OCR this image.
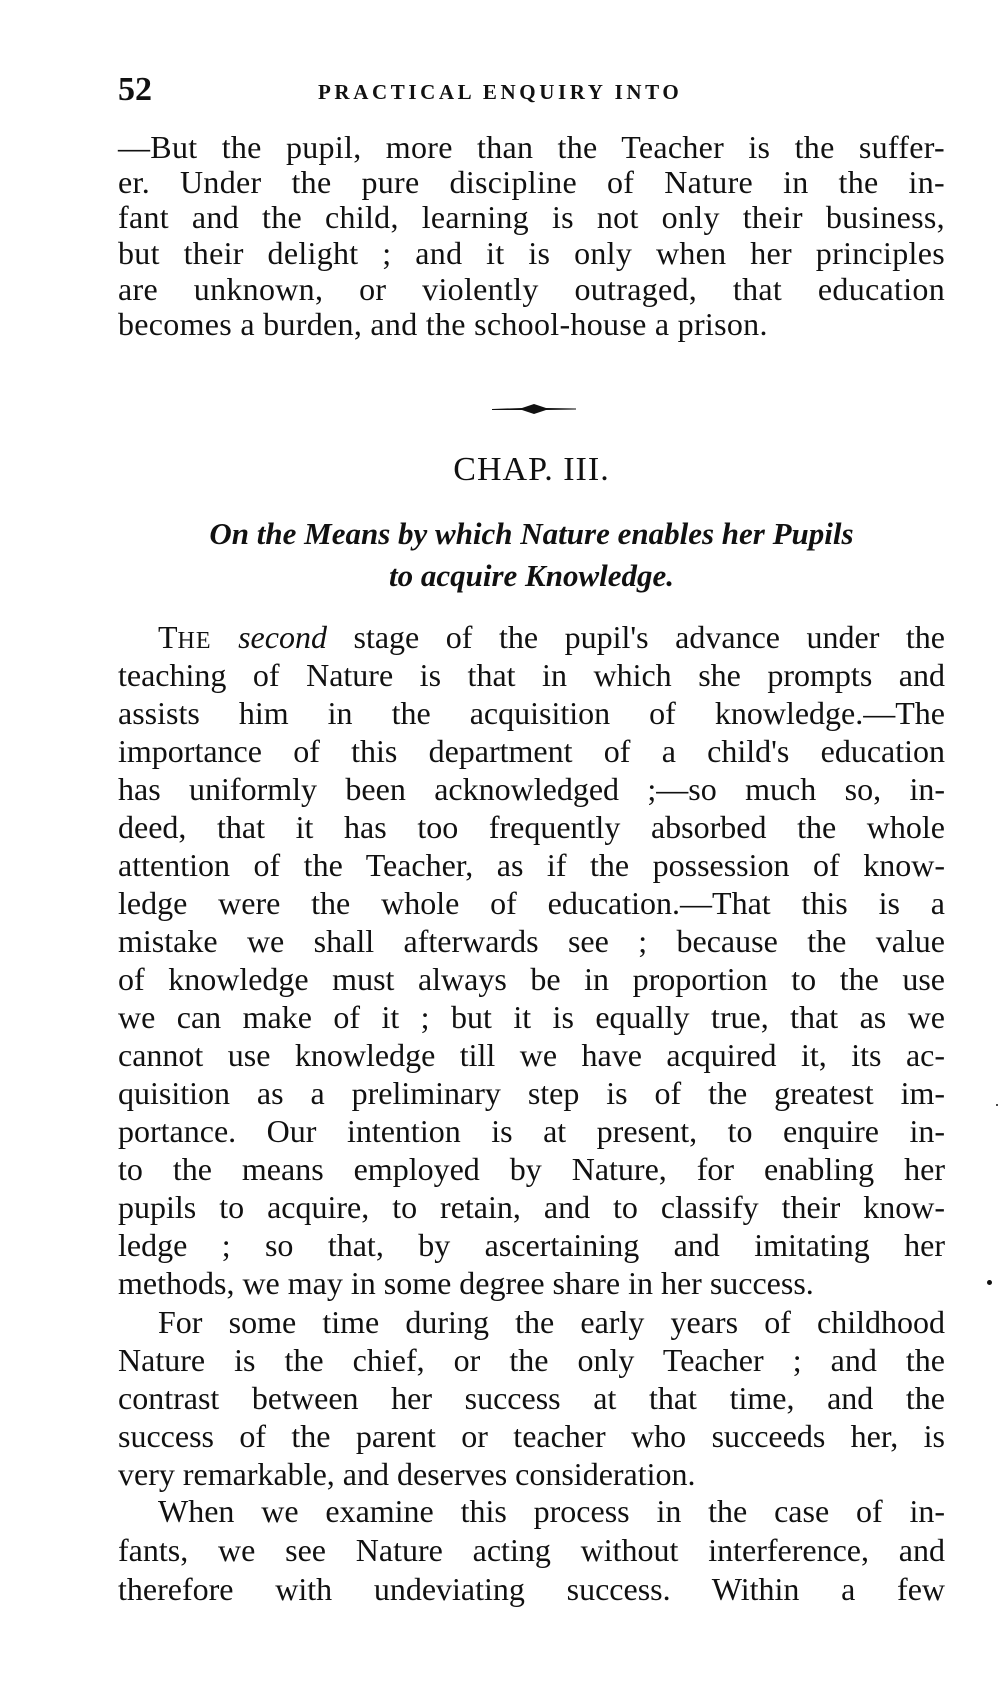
52	PRACTICAL ENQUIRY INTO
—But the pupil, more than the Teacher is the suffer-
er. Under the pure discipline of Nature in the in-
fant and the child, learning is not only their business,
but their delight ; and it is only when her principles
are unknown, or violently outraged, that education
becomes a burden, and the school-house a prison.
CHAP. III.
On the Means by which Nature enables her Pupils
to acquire Knowledge.
THE second stage of the pupil's advance under the
teaching of Nature is that in which she prompts and
assists him in the acquisition of knowledge.—The
importance of this department of a child's education
has uniformly been acknowledged ;—so much so, in-
deed, that it has too frequently absorbed the whole
attention of the Teacher, as if the possession of know-
ledge were the whole of education.—That this is a
mistake we shall afterwards see ; because the value
of knowledge must always be in proportion to the use
we can make of it ; but it is equally true, that as we
cannot use knowledge till we have acquired it, its ac-
quisition as a preliminary step is of the greatest im-
portance. Our intention is at present, to enquire in-
to the means employed by Nature, for enabling her
pupils to acquire, to retain, and to classify their know-
ledge ; so that, by ascertaining and imitating her
methods, we may in some degree share in her success.
For some time during the early years of childhood
Nature is the chief, or the only Teacher ; and the
contrast between her success at that time, and the
success of the parent or teacher who succeeds her, is
very remarkable, and deserves consideration.
When we examine this process in the case of in-
fants, we see Nature acting without interference, and
therefore with undeviating success. Within a few
